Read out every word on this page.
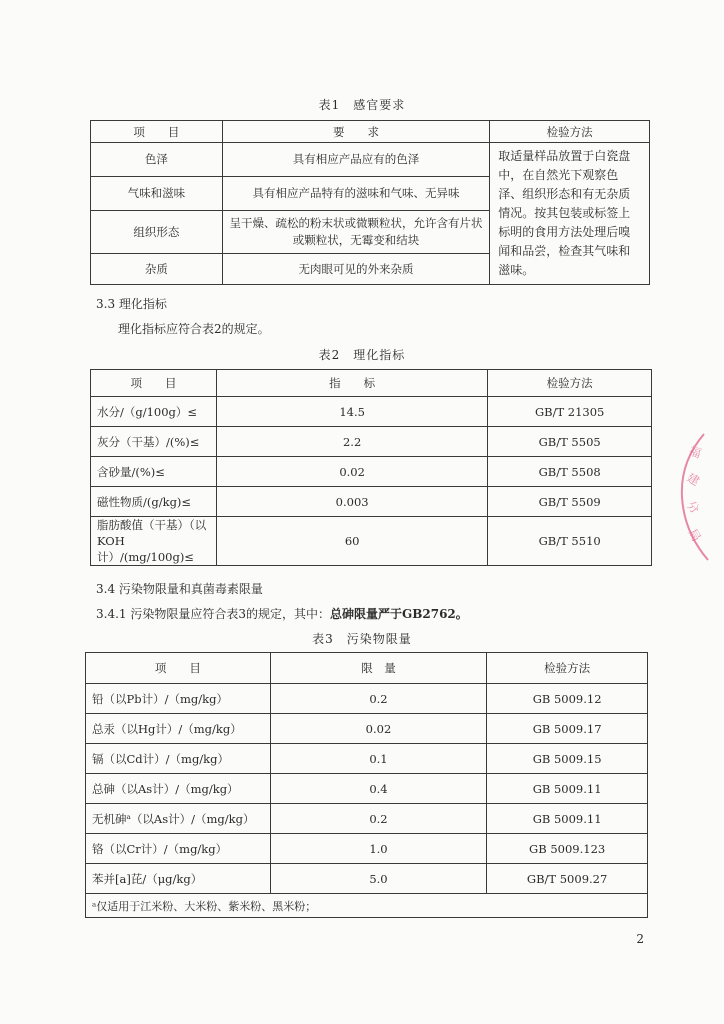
表1　感官要求
项　　目	要　　求	检验方法
色泽	具有相应产品应有的色泽	取适量样品放置于白瓷盘中，在自然光下观察色泽、组织形态和有无杂质情况。按其包装或标签上标明的食用方法处理后嗅闻和品尝，检查其气味和滋味。
气味和滋味	具有相应产品特有的滋味和气味、无异味	
组织形态	呈干燥、疏松的粉末状或微颗粒状，允许含有片状或颗粒状，无霉变和结块	
杂质	无肉眼可见的外来杂质	
3.3 理化指标
理化指标应符合表2的规定。
表2　理化指标
项　　目	指　　标	检验方法
水分/（g/100g）≤	14.5	GB/T 21305
灰分（干基）/(%)≤	2.2	GB/T 5505
含砂量/(%)≤	0.02	GB/T 5508
磁性物质/(g/kg)≤	0.003	GB/T 5509
脂肪酸值（干基）（以KOH计）/(mg/100g)≤	60	GB/T 5510
3.4 污染物限量和真菌毒素限量
3.4.1 污染物限量应符合表3的规定，其中：总砷限量严于GB2762。
表3　污染物限量
项　　目	限　量	检验方法
铅（以Pb计）/（mg/kg）	0.2	GB 5009.12
总汞（以Hg计）/（mg/kg）	0.02	GB 5009.17
镉（以Cd计）/（mg/kg）	0.1	GB 5009.15
总砷（以As计）/（mg/kg）	0.4	GB 5009.11
无机砷ᵃ（以As计）/（mg/kg）	0.2	GB 5009.11
铬（以Cr计）/（mg/kg）	1.0	GB 5009.123
苯并[a]芘/（μg/kg）	5.0	GB/T 5009.27
ᵃ仅适用于江米粉、大米粉、紫米粉、黑米粉；		
2
福
建
分
局
